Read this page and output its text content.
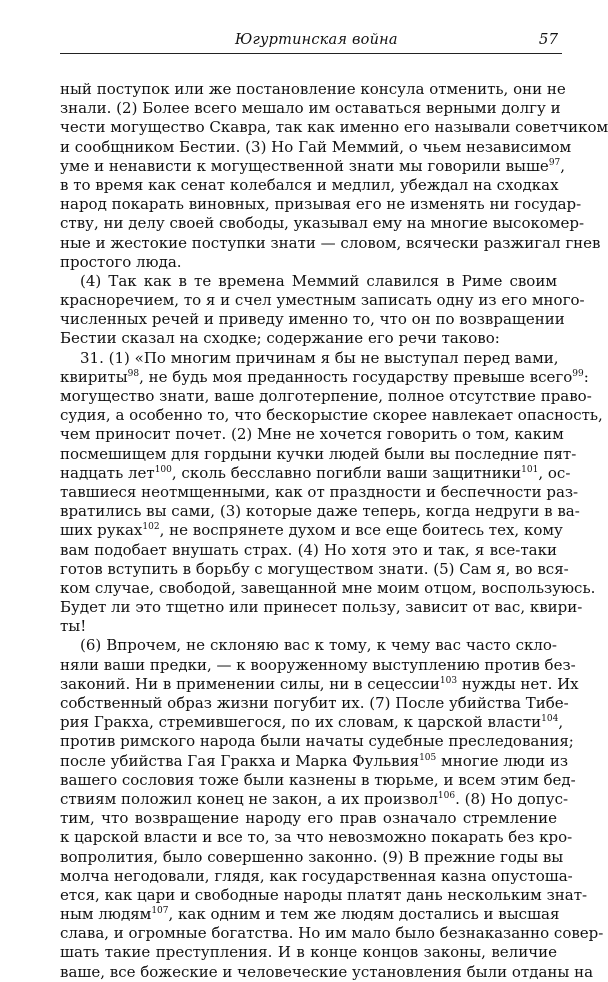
Югуртинская война	57
ный поступок или же постановление консула отменить, они не
знали. (2) Более всего мешало им оставаться верными долгу и
чести могущество Скавра, так как именно его называли советчиком
и сообщником Бестии. (3) Но Гай Меммий, о чьем независимом
уме и ненависти к могущественной знати мы говорили выше$^{97}$,
в то время как сенат колебался и медлил, убеждал на сходках
народ покарать виновных, призывая его не изменять ни государ-
ству, ни делу своей свободы, указывал ему на многие высокомер-
ные и жестокие поступки знати — словом, всячески разжигал гнев
простого люда.
(4) Так как в те времена Меммий славился в Риме своим
красноречием, то я и счел уместным записать одну из его много-
численных речей и приведу именно то, что он по возвращении
Бестии сказал на сходке; содержание его речи таково:
31. (1) «По многим причинам я бы не выступал перед вами,
квириты$^{98}$, не будь моя преданность государству превыше всего$^{99}$:
могущество знати, ваше долготерпение, полное отсутствие право-
судия, а особенно то, что бескорыстие скорее навлекает опасность,
чем приносит почет. (2) Мне не хочется говорить о том, каким
посмешищем для гордыни кучки людей были вы последние пят-
надцать лет$^{100}$, сколь бесславно погибли ваши защитники$^{101}$, ос-
тавшиеся неотмщенными, как от праздности и беспечности раз-
вратились вы сами, (3) которые даже теперь, когда недруги в ва-
ших руках$^{102}$, не воспрянете духом и все еще боитесь тех, кому
вам подобает внушать страх. (4) Но хотя это и так, я все-таки
готов вступить в борьбу с могуществом знати. (5) Сам я, во вся-
ком случае, свободой, завещанной мне моим отцом, воспользуюсь.
Будет ли это тщетно или принесет пользу, зависит от вас, квири-
ты!
(6) Впрочем, не склоняю вас к тому, к чему вас часто скло-
няли ваши предки, — к вооруженному выступлению против без-
законий. Ни в применении силы, ни в сецессии$^{103}$ нужды нет. Их
собственный образ жизни погубит их. (7) После убийства Тибе-
рия Гракха, стремившегося, по их словам, к царской власти$^{104}$,
против римского народа были начаты судебные преследования;
после убийства Гая Гракха и Марка Фульвия$^{105}$ многие люди из
вашего сословия тоже были казнены в тюрьме, и всем этим бед-
ствиям положил конец не закон, а их произвол$^{106}$. (8) Но допус-
тим, что возвращение народу его прав означало стремление
к царской власти и все то, за что невозможно покарать без кро-
вопролития, было совершенно законно. (9) В прежние годы вы
молча негодовали, глядя, как государственная казна опустоша-
ется, как цари и свободные народы платят дань нескольким знат-
ным людям$^{107}$, как одним и тем же людям достались и высшая
слава, и огромные богатства. Но им мало было безнаказанно совер-
шать такие преступления. И в конце концов законы, величие
ваше, все божеские и человеческие установления были отданы на
